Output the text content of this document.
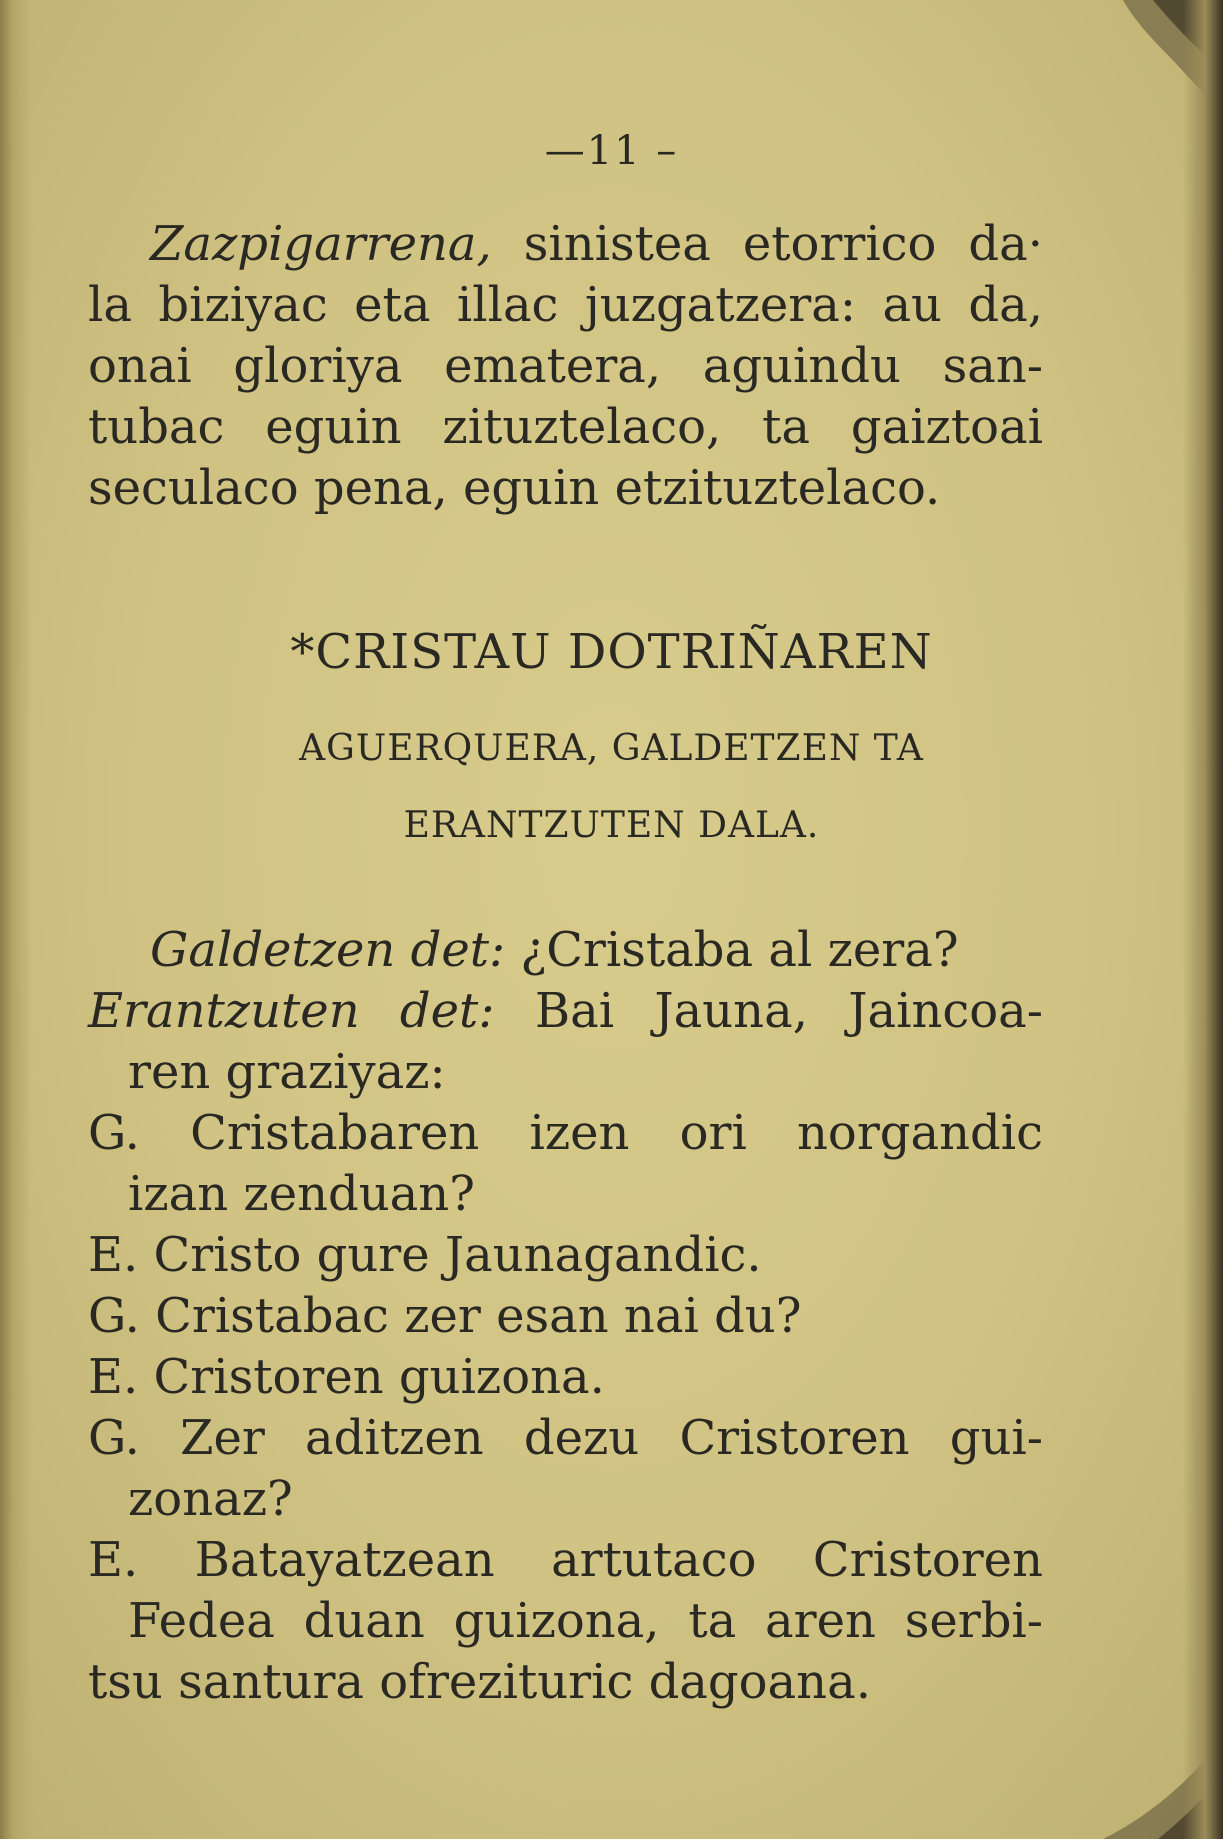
—11 –
Zazpigarrena, sinistea etorrico da·
la biziyac eta illac juzgatzera: au da,
onai gloriya ematera, aguindu san-
tubac eguin zituztelaco, ta gaiztoai
seculaco pena, eguin etzituztelaco.
*CRISTAU DOTRIÑAREN
AGUERQUERA, GALDETZEN TA
ERANTZUTEN DALA.
Galdetzen det: ¿Cristaba al zera?
Erantzuten det: Bai Jauna, Jaincoa-
ren graziyaz:
G. Cristabaren izen ori norgandic
izan zenduan?
E. Cristo gure Jaunagandic.
G. Cristabac zer esan nai du?
E. Cristoren guizona.
G. Zer aditzen dezu Cristoren gui-
zonaz?
E. Batayatzean artutaco Cristoren
Fedea duan guizona, ta aren serbi-
tsu santura ofrezituric dagoana.
